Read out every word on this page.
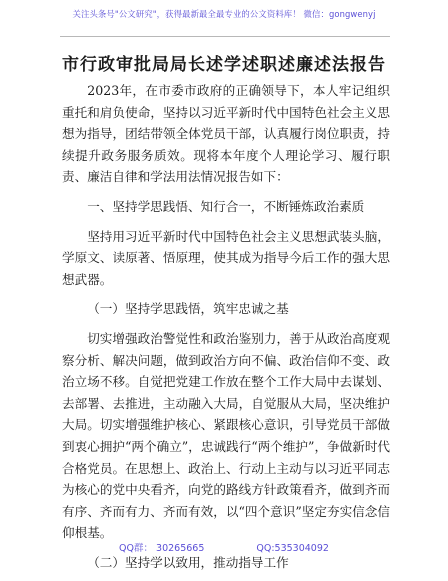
关注头条号"公文研究"，获得最新最全最专业的公文资料库！ 微信：gongwenyj
市行政审批局局长述学述职述廉述法报告

2023年，在市委市政府的正确领导下，本人牢记组织重托和肩负使命，坚持以习近平新时代中国特色社会主义思想为指导，团结带领全体党员干部，认真履行岗位职责，持续提升政务服务质效。现将本年度个人理论学习、履行职责、廉洁自律和学法用法情况报告如下：

一、坚持学思践悟、知行合一，不断锤炼政治素质

坚持用习近平新时代中国特色社会主义思想武装头脑，学原文、读原著、悟原理，使其成为指导今后工作的强大思想武器。

（一）坚持学思践悟，筑牢忠诚之基

切实增强政治警觉性和政治鉴别力，善于从政治高度观察分析、解决问题，做到政治方向不偏、政治信仰不变、政治立场不移。自觉把党建工作放在整个工作大局中去谋划、去部署、去推进，主动融入大局，自觉服从大局，坚决维护大局。切实增强维护核心、紧跟核心意识，引导党员干部做到衷心拥护“两个确立”，忠诚践行“两个维护”，争做新时代合格党员。在思想上、政治上、行动上主动与以习近平同志为核心的党中央看齐，向党的路线方针政策看齐，做到齐而有序、齐而有力、齐而有效，以“四个意识”坚定夯实信念信仰根基。

（二）坚持学以致用，推动指导工作

QQ群： 30265665	QQ:535304092
